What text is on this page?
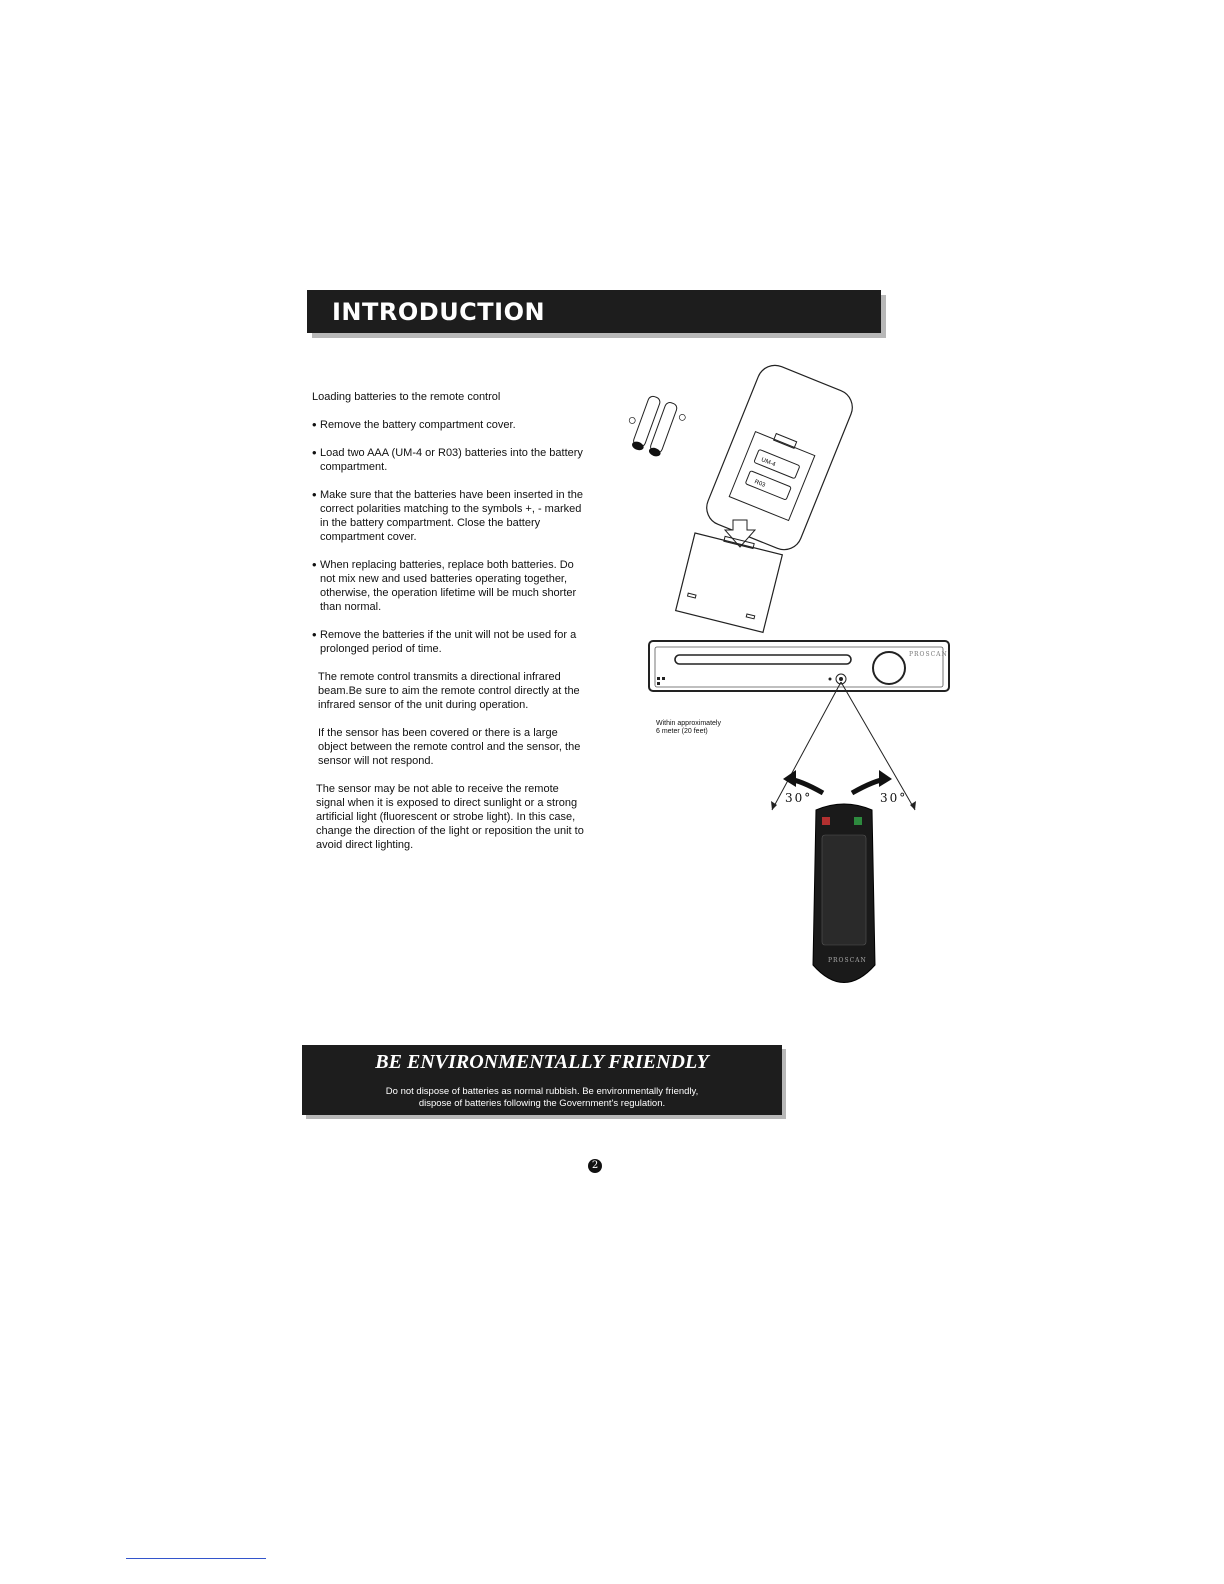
INTRODUCTION

Loading batteries to the remote control

• Remove the battery compartment cover.
• Load two AAA (UM-4 or R03) batteries into the battery compartment.
• Make sure that the batteries have been inserted in the correct polarities matching to the symbols +, - marked in the battery compartment. Close the battery compartment cover.
• When replacing batteries, replace both batteries. Do not mix new and used batteries operating together, otherwise, the operation lifetime will be much shorter than normal.
• Remove the batteries if the unit will not be used for a prolonged period of time.

The remote control transmits a directional infrared beam.Be sure to aim the remote control directly at the infrared sensor of the unit during operation.

If the sensor has been covered or there is a large object between the remote control and the sensor, the sensor will not respond.

The sensor may be not able to receive the remote signal when it is exposed to direct sunlight or a strong artificial light (fluorescent or strobe light). In this case, change the direction of the light or reposition the unit to avoid direct lighting.

UM-4
R03
PROSCAN
PROSCAN
Within approximately
6 meter (20 feet)
30°	30°

BE ENVIRONMENTALLY FRIENDLY

Do not dispose of batteries as normal rubbish. Be environmentally friendly,
dispose of batteries following the Government's regulation.

2
